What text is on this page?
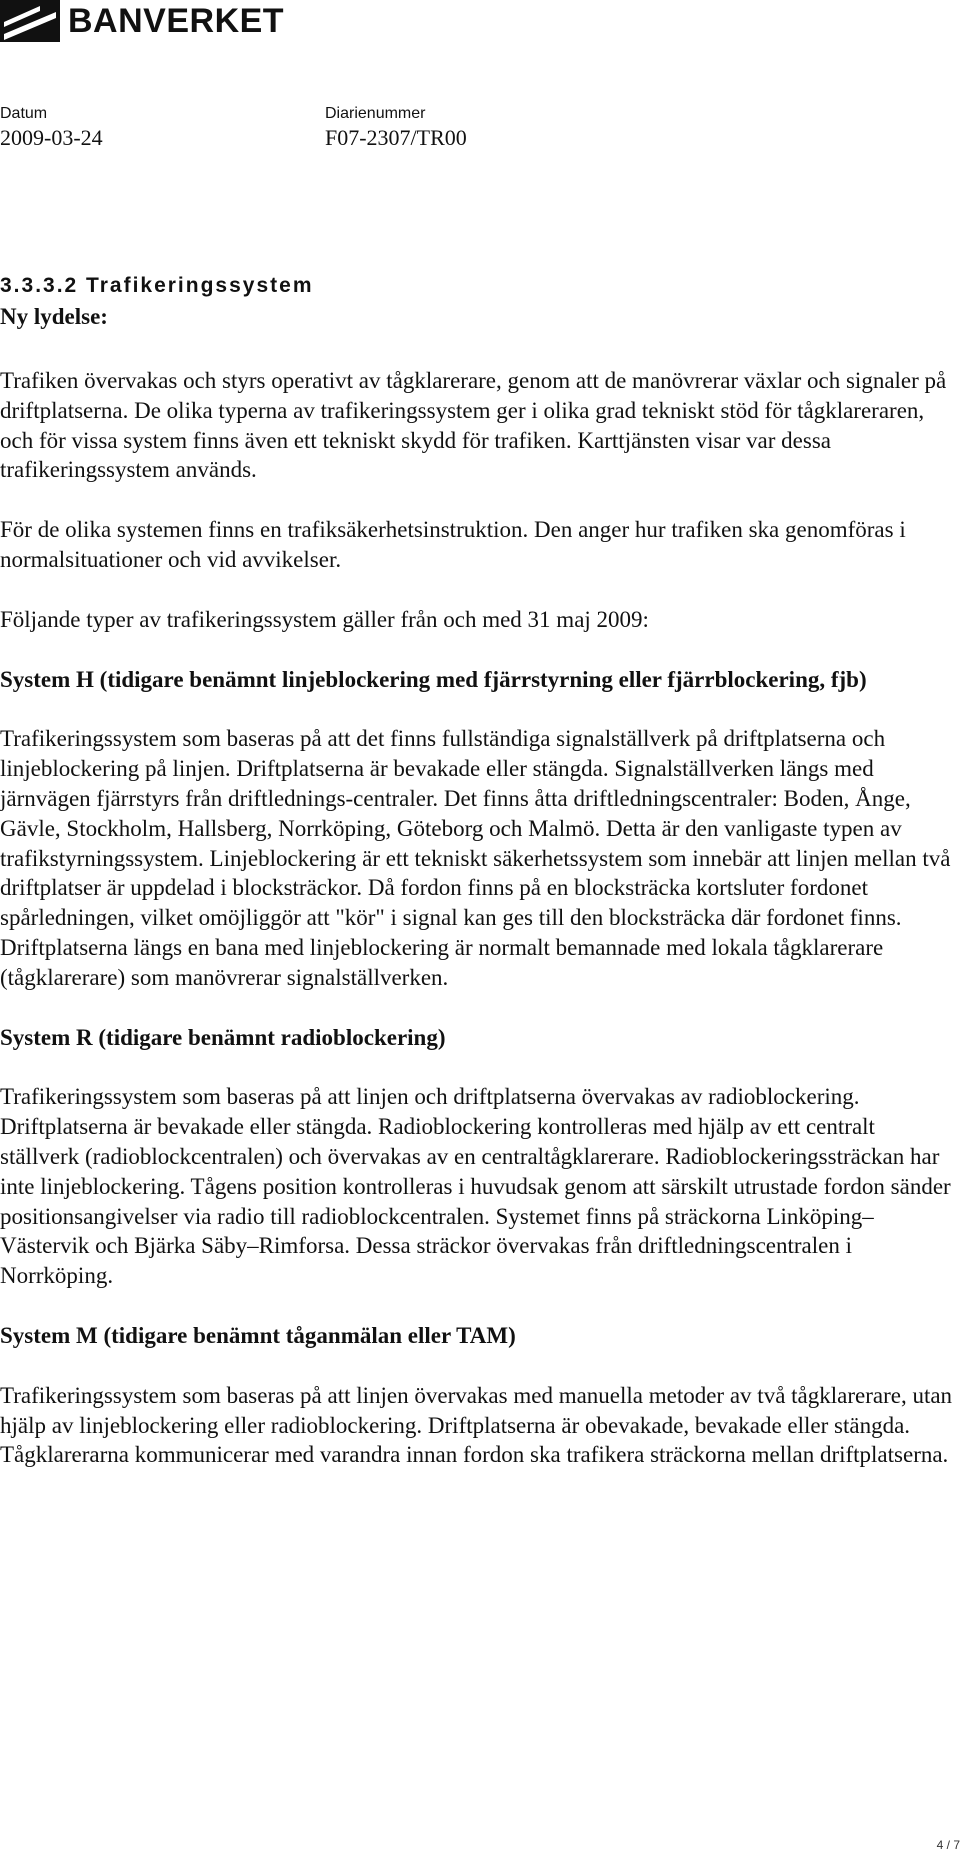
BANVERKET
Datum
2009-03-24
Diarienummer
F07-2307/TR00
3.3.3.2 Trafikeringssystem
Ny lydelse:

Trafiken övervakas och styrs operativt av tågklarerare, genom att de manövrerar växlar och signaler på driftplatserna. De olika typerna av trafikeringssystem ger i olika grad tekniskt stöd för tågklareraren, och för vissa system finns även ett tekniskt skydd för trafiken. Karttjänsten visar var dessa trafikeringssystem används.

För de olika systemen finns en trafiksäkerhetsinstruktion. Den anger hur trafiken ska genomföras i normalsituationer och vid avvikelser.

Följande typer av trafikeringssystem gäller från och med 31 maj 2009:

System H (tidigare benämnt linjeblockering med fjärrstyrning eller fjärrblockering, fjb)

Trafikeringssystem som baseras på att det finns fullständiga signalställverk på driftplatserna och linjeblockering på linjen. Driftplatserna är bevakade eller stängda. Signalställverken längs med järnvägen fjärrstyrs från driftlednings-centraler. Det finns åtta driftledningscentraler: Boden, Ånge, Gävle, Stockholm, Hallsberg, Norrköping, Göteborg och Malmö. Detta är den vanligaste typen av trafikstyrningssystem. Linjeblockering är ett tekniskt säkerhetssystem som innebär att linjen mellan två driftplatser är uppdelad i blocksträckor. Då fordon finns på en blocksträcka kortsluter fordonet spårledningen, vilket omöjliggör att "kör" i signal kan ges till den blocksträcka där fordonet finns. Driftplatserna längs en bana med linjeblockering är normalt bemannade med lokala tågklarerare (tågklarerare) som manövrerar signalställverken.

System R (tidigare benämnt radioblockering)

Trafikeringssystem som baseras på att linjen och driftplatserna övervakas av radioblockering. Driftplatserna är bevakade eller stängda. Radioblockering kontrolleras med hjälp av ett centralt ställverk (radioblockcentralen) och övervakas av en centraltågklarerare. Radioblockeringssträckan har inte linjeblockering. Tågens position kontrolleras i huvudsak genom att särskilt utrustade fordon sänder positionsangivelser via radio till radioblockcentralen. Systemet finns på sträckorna Linköping–Västervik och Bjärka Säby–Rimforsa. Dessa sträckor övervakas från driftledningscentralen i Norrköping.

System M (tidigare benämnt tåganmälan eller TAM)

Trafikeringssystem som baseras på att linjen övervakas med manuella metoder av två tågklarerare, utan hjälp av linjeblockering eller radioblockering. Driftplatserna är obevakade, bevakade eller stängda. Tågklarerarna kommunicerar med varandra innan fordon ska trafikera sträckorna mellan driftplatserna.

4 / 7
